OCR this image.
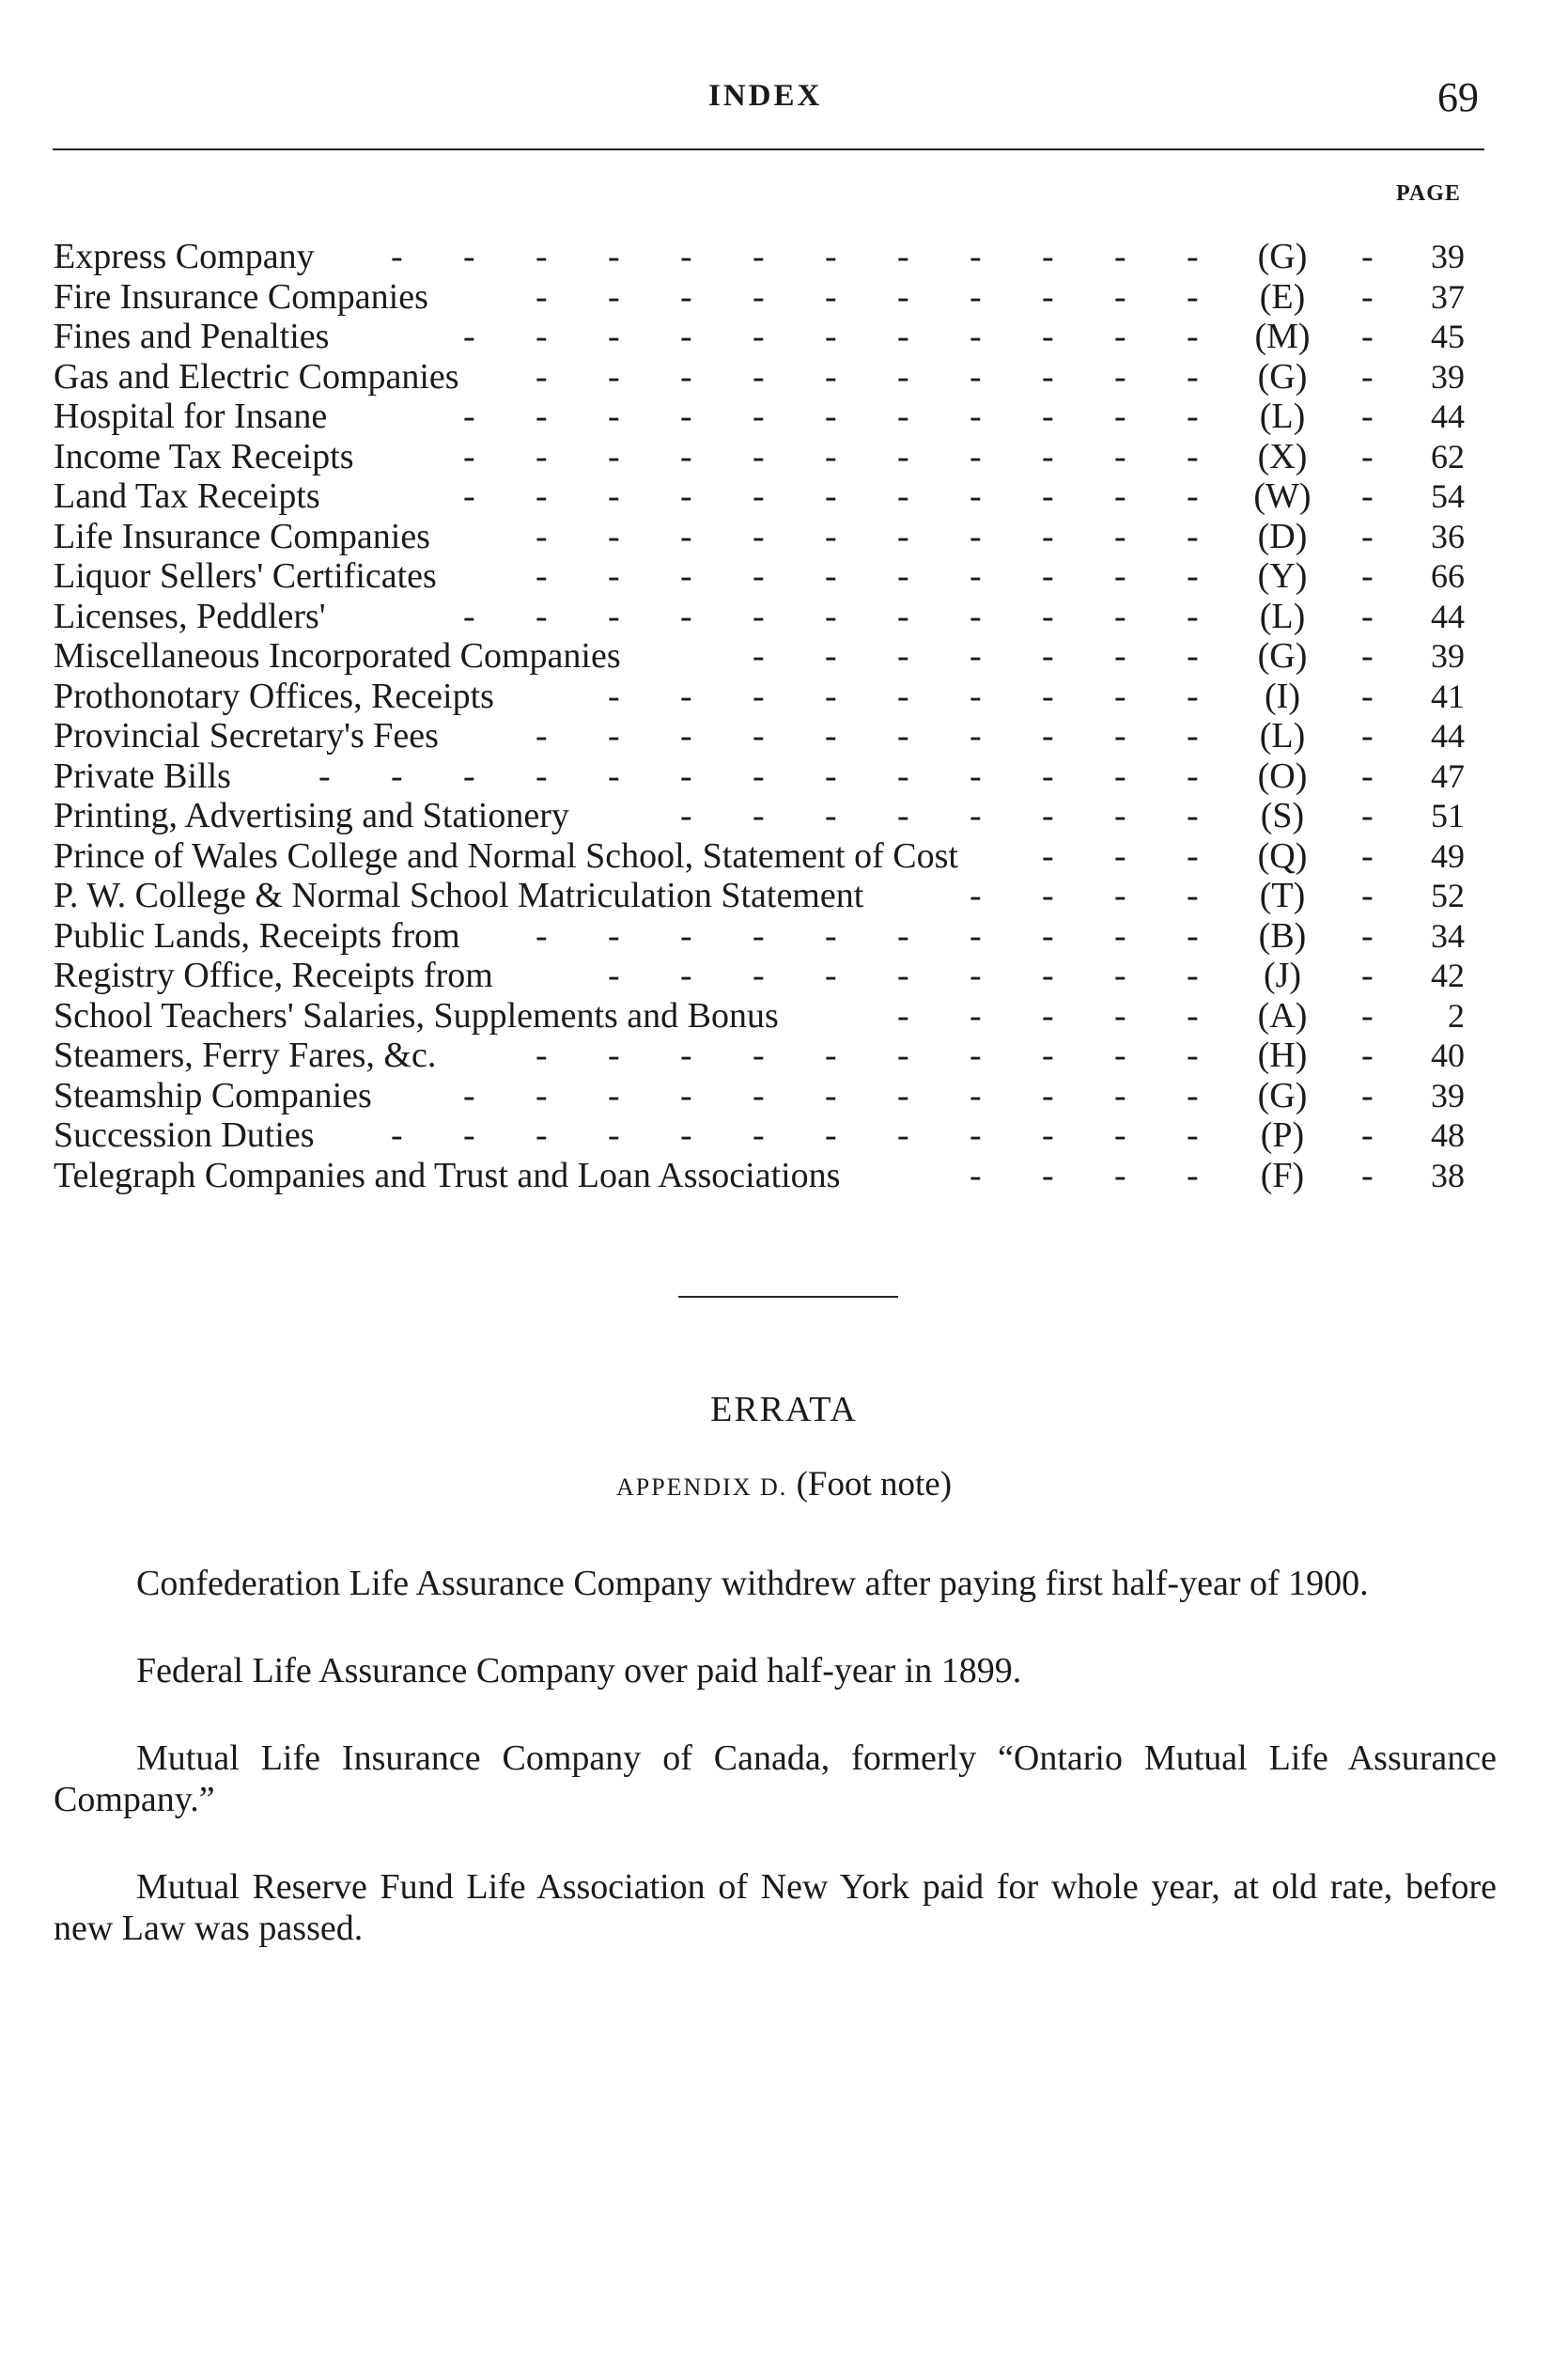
INDEX	69
PAGE
Express Company	(G)	-	39
-
-
-
-
-
-
-
-
-
-
-
-
Fire Insurance Companies	(E)	-	37
-
-
-
-
-
-
-
-
-
-
Fines and Penalties	(M)	-	45
-
-
-
-
-
-
-
-
-
-
-
Gas and Electric Companies	(G)	-	39
-
-
-
-
-
-
-
-
-
-
Hospital for Insane	(L)	-	44
-
-
-
-
-
-
-
-
-
-
-
Income Tax Receipts	(X)	-	62
-
-
-
-
-
-
-
-
-
-
-
Land Tax Receipts	(W)	-	54
-
-
-
-
-
-
-
-
-
-
-
Life Insurance Companies	(D)	-	36
-
-
-
-
-
-
-
-
-
-
Liquor Sellers' Certificates	(Y)	-	66
-
-
-
-
-
-
-
-
-
-
Licenses, Peddlers'	(L)	-	44
-
-
-
-
-
-
-
-
-
-
-
Miscellaneous Incorporated Companies	(G)	-	39
-
-
-
-
-
-
-
Prothonotary Offices, Receipts	(I)	-	41
-
-
-
-
-
-
-
-
-
Provincial Secretary's Fees	(L)	-	44
-
-
-
-
-
-
-
-
-
-
Private Bills	(O)	-	47
-
-
-
-
-
-
-
-
-
-
-
-
-
Printing, Advertising and Stationery	(S)	-	51
-
-
-
-
-
-
-
-
Prince of Wales College and Normal School, Statement of Cost	(Q)	-	49
-
-
-
P. W. College & Normal School Matriculation Statement	(T)	-	52
-
-
-
-
Public Lands, Receipts from	(B)	-	34
-
-
-
-
-
-
-
-
-
-
Registry Office, Receipts from	(J)	-	42
-
-
-
-
-
-
-
-
-
School Teachers' Salaries, Supplements and Bonus	(A)	-	2
-
-
-
-
-
Steamers, Ferry Fares, &c.	(H)	-	40
-
-
-
-
-
-
-
-
-
-
Steamship Companies	(G)	-	39
-
-
-
-
-
-
-
-
-
-
-
Succession Duties	(P)	-	48
-
-
-
-
-
-
-
-
-
-
-
-
Telegraph Companies and Trust and Loan Associations	(F)	-	38
-
-
-
-
ERRATA
APPENDIX D. (Foot note)

Confederation Life Assurance Company withdrew after paying first half-year of 1900.

Federal Life Assurance Company over paid half-year in 1899.

Mutual Life Insurance Company of Canada, formerly “Ontario Mutual Life Assurance Company.”

Mutual Reserve Fund Life Association of New York paid for whole year, at old rate, before new Law was passed.
